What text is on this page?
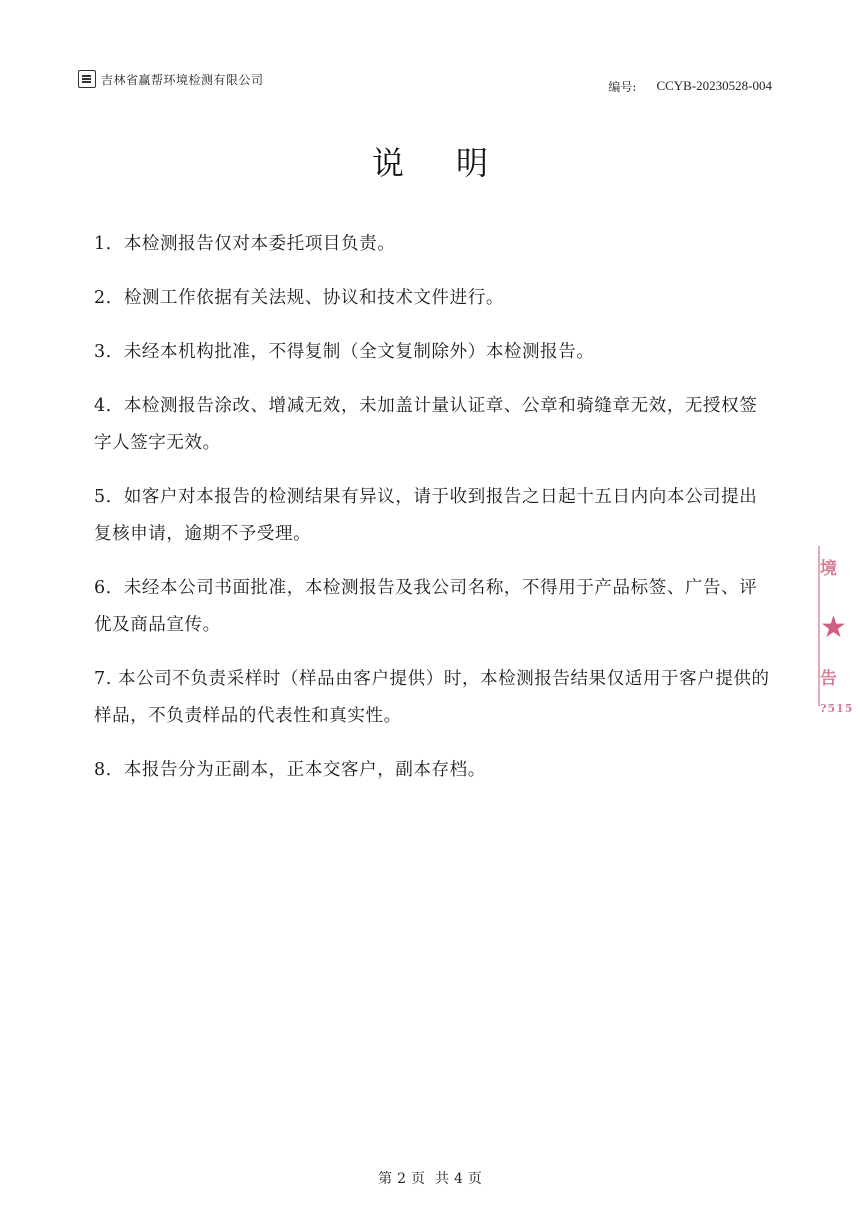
吉林省赢帮环境检测有限公司
编号: CCYB-20230528-004
说明

1．本检测报告仅对本委托项目负责。

2．检测工作依据有关法规、协议和技术文件进行。

3．未经本机构批准，不得复制（全文复制除外）本检测报告。

4．本检测报告涂改、增减无效，未加盖计量认证章、公章和骑缝章无效，无授权签字人签字无效。

5．如客户对本报告的检测结果有异议，请于收到报告之日起十五日内向本公司提出复核申请，逾期不予受理。

6．未经本公司书面批准，本检测报告及我公司名称，不得用于产品标签、广告、评优及商品宣传。

7. 本公司不负责采样时（样品由客户提供）时，本检测报告结果仅适用于客户提供的样品，不负责样品的代表性和真实性。

8．本报告分为正副本，正本交客户，副本存档。

境
★
告
?515
第 2 页 共 4 页
